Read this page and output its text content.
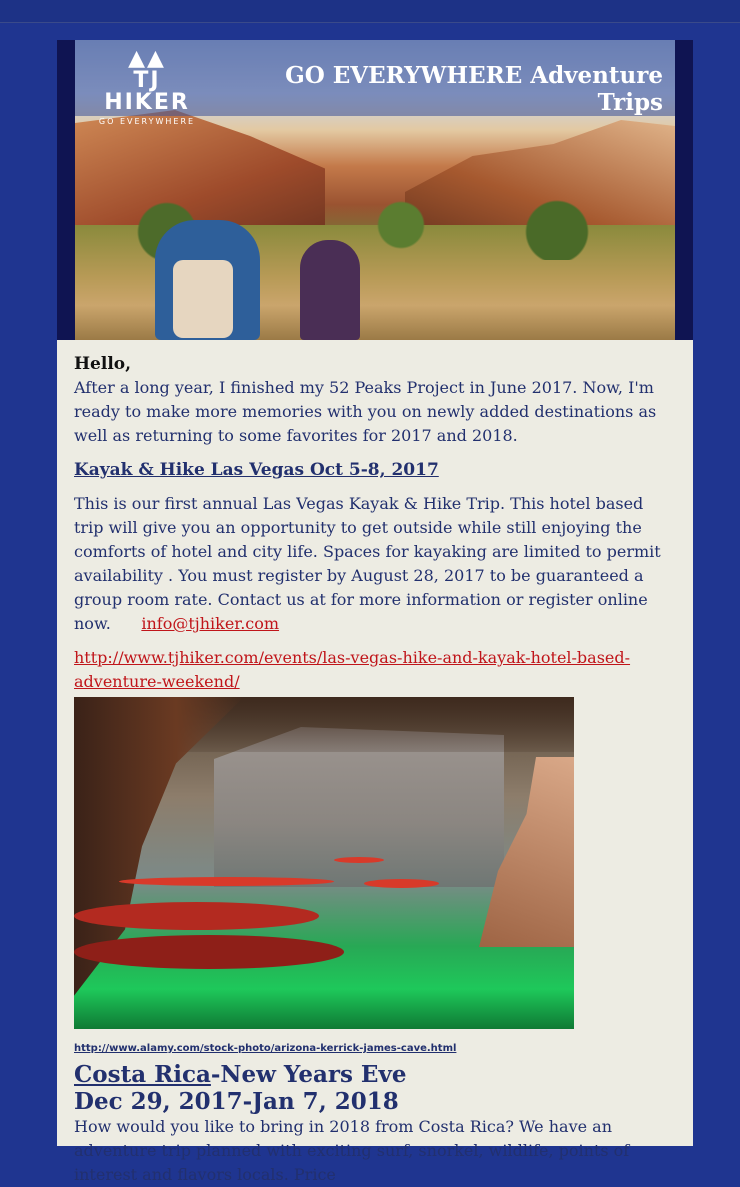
▲▲
TJ HIKER
GO EVERYWHERE
GO EVERYWHERE Adventure Trips

Hello,

After a long year, I finished my 52 Peaks Project in June 2017. Now, I'm ready to make more memories with you on newly added destinations as well as returning to some favorites for 2017 and 2018.

Kayak & Hike Las Vegas Oct 5-8, 2017

This is our first annual Las Vegas Kayak & Hike Trip. This hotel based trip will give you an opportunity to get outside while still enjoying the comforts of hotel and city life. Spaces for kayaking are limited to permit availability . You must register by August 28, 2017 to be guaranteed a group room rate. Contact us at for more information or register online now. info@tjhiker.com

http://www.tjhiker.com/events/las-vegas-hike-and-kayak-hotel-based-adventure-weekend/

http://www.alamy.com/stock-photo/arizona-kerrick-james-cave.html
Costa Rica-New Years Eve
Dec 29, 2017-Jan 7, 2018
How would you like to bring in 2018 from Costa Rica? We have an adventure trip planned with exciting surf, snorkel, wildlife, points of interest and flavors locals. Price
